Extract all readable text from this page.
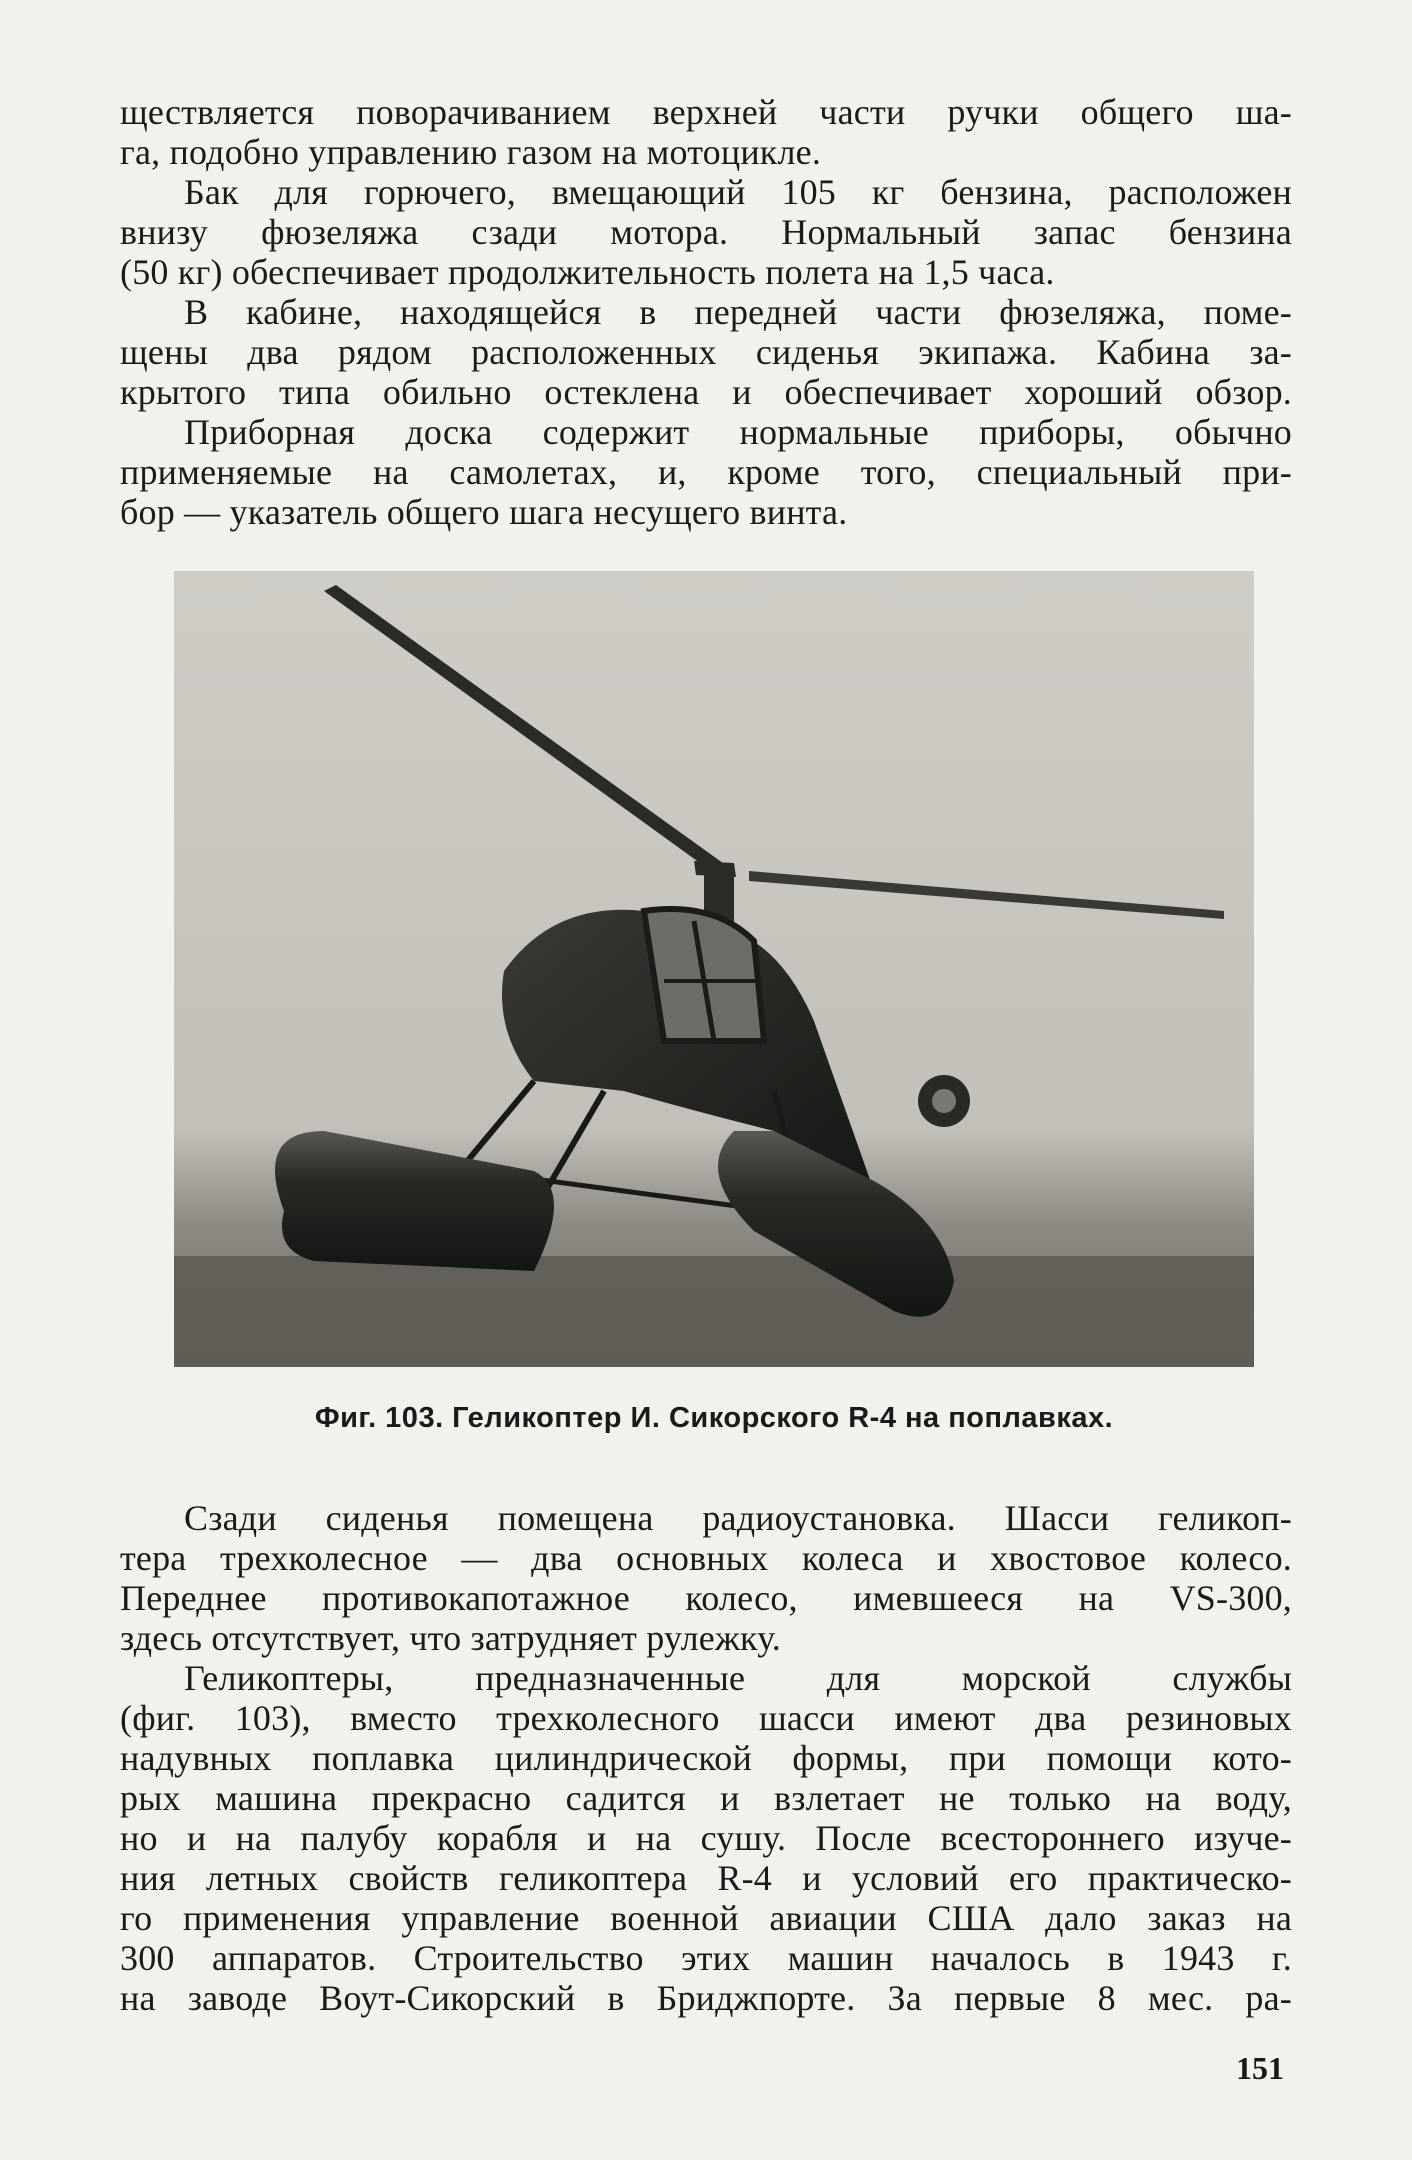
ществляется поворачиванием верхней части ручки общего ша-
га, подобно управлению газом на мотоцикле.
Бак для горючего, вмещающий 105 кг бензина, расположен
внизу фюзеляжа сзади мотора. Нормальный запас бензина
(50 кг) обеспечивает продолжительность полета на 1,5 часа.
В кабине, находящейся в передней части фюзеляжа, поме-
щены два рядом расположенных сиденья экипажа. Кабина за-
крытого типа обильно остеклена и обеспечивает хороший обзор.
Приборная доска содержит нормальные приборы, обычно
применяемые на самолетах, и, кроме того, специальный при-
бор — указатель общего шага несущего винта.
Фиг. 103. Геликоптер И. Сикорского R-4 на поплавках.
Сзади сиденья помещена радиоустановка. Шасси геликоп-
тера трехколесное — два основных колеса и хвостовое колесо.
Переднее противокапотажное колесо, имевшееся на VS-300,
здесь отсутствует, что затрудняет рулежку.
Геликоптеры, предназначенные для морской службы
(фиг. 103), вместо трехколесного шасси имеют два резиновых
надувных поплавка цилиндрической формы, при помощи кото-
рых машина прекрасно садится и взлетает не только на воду,
но и на палубу корабля и на сушу. После всестороннего изуче-
ния летных свойств геликоптера R-4 и условий его практическо-
го применения управление военной авиации США дало заказ на
300 аппаратов. Строительство этих машин началось в 1943 г.
на заводе Воут-Сикорский в Бриджпорте. За первые 8 мес. ра-
151
